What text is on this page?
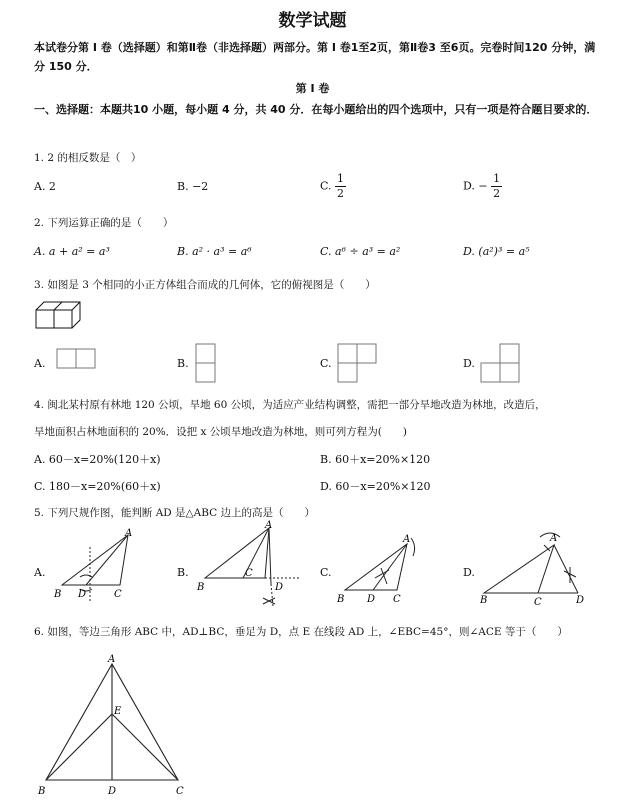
数学试题
本试卷分第 I 卷（选择题）和第Ⅱ卷（非选择题）两部分。第 I 卷1至2页，第Ⅱ卷3 至6页。完卷时间120 分钟，满分 150 分．
第 I 卷
一、选择题：本题共10 小题，每小题 4 分，共 40 分．在每小题给出的四个选项中，只有一项是符合题目要求的．
1. 2 的相反数是（　）
A. 2	B. −2	C. $\frac{1}{2}$	D. − $\frac{1}{2}$
2. 下列运算正确的是（　　）
A. a + a² = a³	B. a² · a³ = a⁶	C. a⁶ ÷ a³ = a²	D. (a²)³ = a⁵
3. 如图是 3 个相同的小正方体组合而成的几何体，它的俯视图是（　　）
A.	B.	C.	D.
4. 闽北某村原有林地 120 公顷，旱地 60 公顷，为适应产业结构调整，需把一部分旱地改造为林地，改造后，
旱地面积占林地面积的 20%．设把 x 公顷旱地改造为林地，则可列方程为(　　)
A. 60－x=20%(120＋x)	B. 60＋x=20%×120
C. 180－x=20%(60＋x)	D. 60－x=20%×120
5. 下列尺规作图，能判断 AD 是△ABC 边上的高是（　　）
A.
A
B D	C
B.
A
B
C
D
C.
A
B D C
D.
A
B	C	D
6. 如图，等边三角形 ABC 中，AD⊥BC，垂足为 D，点 E 在线段 AD 上，∠EBC=45°，则∠ACE 等于（　　）
A
E
B	D	C
